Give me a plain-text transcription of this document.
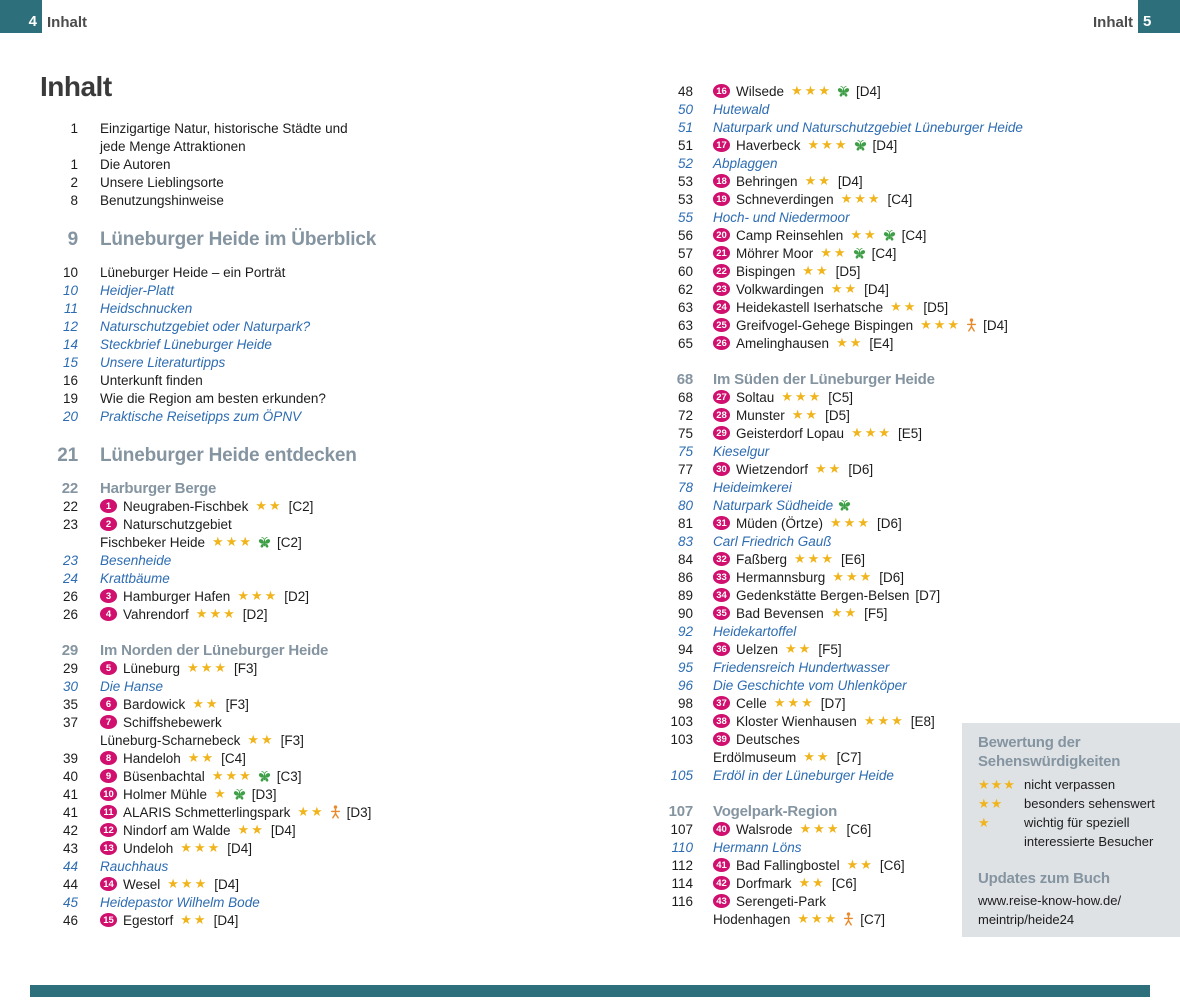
4 Inhalt	Inhalt 5
Inhalt
1 Einzigartige Natur, historische Städte und
jede Menge Attraktionen
1 Die Autoren
2 Unsere Lieblingsorte
8 Benutzungshinweise
9 Lüneburger Heide im Überblick
10 Lüneburger Heide – ein Porträt
10 Heidjer-Platt
11 Heidschnucken
12 Naturschutzgebiet oder Naturpark?
14 Steckbrief Lüneburger Heide
15 Unsere Literaturtipps
16 Unterkunft finden
19 Wie die Region am besten erkunden?
20 Praktische Reisetipps zum ÖPNV
21 Lüneburger Heide entdecken
22 Harburger Berge
22	1 Neugraben-Fischbek ★★ [C2]
23	2 Naturschutzgebiet
Fischbeker Heide ★★★ [C2]
23 Besenheide
24 Krattbäume
26	3 Hamburger Hafen ★★★ [D2]
26	4 Vahrendorf ★★★ [D2]
29 Im Norden der Lüneburger Heide
29	5 Lüneburg ★★★ [F3]
30 Die Hanse
35	6 Bardowick ★★ [F3]
37	7 Schiffshebewerk
Lüneburg-Scharnebeck ★★ [F3]
39	8 Handeloh ★★ [C4]
40	9 Büsenbachtal ★★★ [C3]
41	10 Holmer Mühle ★ [D3]
41	11 ALARIS Schmetterlingspark ★★ [D3]
42	12 Nindorf am Walde ★★ [D4]
43	13 Undeloh ★★★ [D4]
44 Rauchhaus
44	14 Wesel ★★★ [D4]
45 Heidepastor Wilhelm Bode
46	15 Egestorf ★★ [D4]
48	16 Wilsede ★★★ [D4]
50 Hutewald
51 Naturpark und Naturschutzgebiet Lüneburger Heide
51	17 Haverbeck ★★★ [D4]
52 Abplaggen
53	18 Behringen ★★ [D4]
53	19 Schneverdingen ★★★ [C4]
55 Hoch- und Niedermoor
56	20 Camp Reinsehlen ★★ [C4]
57	21 Möhrer Moor ★★ [C4]
60	22 Bispingen ★★ [D5]
62	23 Volkwardingen ★★ [D4]
63	24 Heidekastell Iserhatsche ★★ [D5]
63	25 Greifvogel-Gehege Bispingen ★★★ [D4]
65	26 Amelinghausen ★★ [E4]
68 Im Süden der Lüneburger Heide
68	27 Soltau ★★★ [C5]
72	28 Munster ★★ [D5]
75	29 Geisterdorf Lopau ★★★ [E5]
75 Kieselgur
77	30 Wietzendorf ★★ [D6]
78 Heideimkerei
80 Naturpark Südheide
81	31 Müden (Örtze) ★★★ [D6]
83 Carl Friedrich Gauß
84	32 Faßberg ★★★ [E6]
86	33 Hermannsburg ★★★ [D6]
89	34 Gedenkstätte Bergen-Belsen [D7]
90	35 Bad Bevensen ★★ [F5]
92 Heidekartoffel
94	36 Uelzen ★★ [F5]
95 Friedensreich Hundertwasser
96 Die Geschichte vom Uhlenköper
98	37 Celle ★★★ [D7]
103	38 Kloster Wienhausen ★★★ [E8]
103	39 Deutsches
Erdölmuseum ★★ [C7]
105 Erdöl in der Lüneburger Heide
107 Vogelpark-Region
107	40 Walsrode ★★★ [C6]
110 Hermann Löns
112	41 Bad Fallingbostel ★★ [C6]
114	42 Dorfmark ★★ [C6]
116	43 Serengeti-Park
Hodenhagen ★★★ [C7]
Bewertung der
Sehenswürdigkeiten
★★★ nicht verpassen
★★	besonders sehenswert
★	wichtig für speziell
interessierte Besucher
Updates zum Buch
www.reise-know-how.de/
meintrip/heide24
